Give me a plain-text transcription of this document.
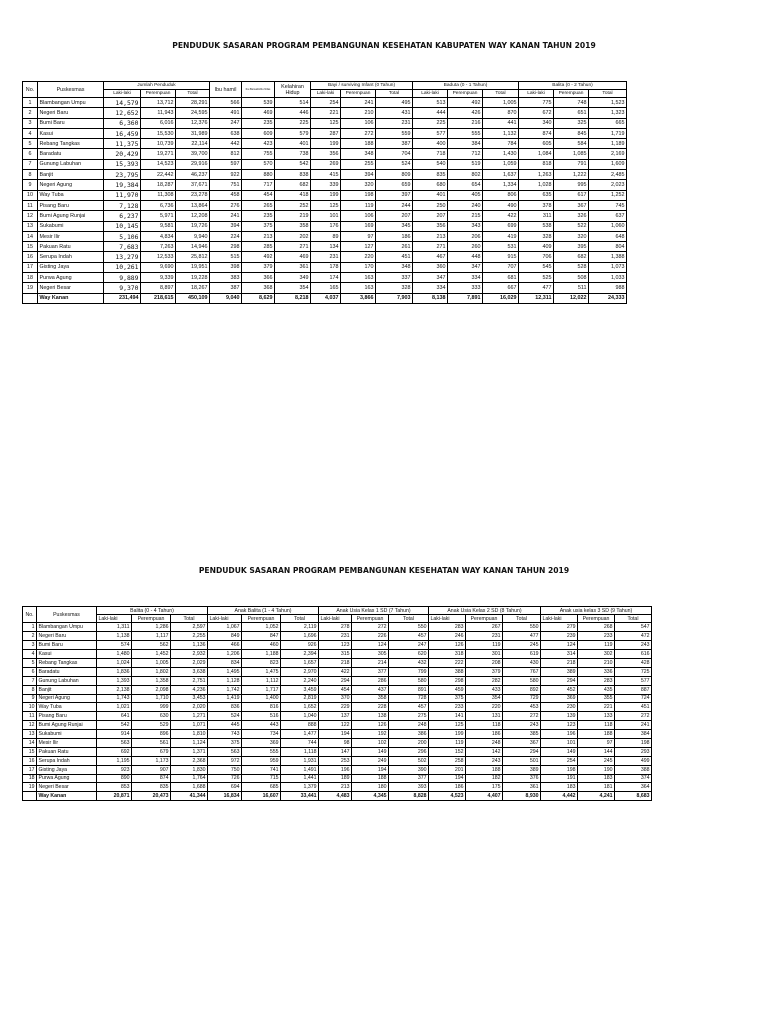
PENDUDUK SASARAN PROGRAM PEMBANGUNAN KESEHATAN KABUPATEN WAY KANAN TAHUN 2019
No.	Puskesmas	Jumlah Penduduk			Ibu hamil	Ibu Bersalin/Ibu Nifas	Kelahiran Hidup	Bayi / surviving Infant (0 Tahun)			Baduta (0 - 1 Tahun)			Balita (0 - 2 Tahun)		
		Laki-laki	Perempuan	Total				Laki-laki	Perempuan	Total	Laki-laki	Perempuan	Total	Laki-laki	Perempuan	Total
1	Blambangan Umpu	14,579	13,712	28,291	566	539	514	254	241	495	513	492	1,005	775	748	1,523
2	Negeri Baru	12,652	11,943	24,595	491	469	446	221	210	431	444	426	870	672	651	1,323
3	Bumi Baru	6,360	6,016	12,376	247	235	225	125	106	231	225	216	441	340	325	665
4	Kasui	16,459	15,530	31,989	638	609	579	287	272	559	577	555	1,132	874	845	1,719
5	Rebang Tangkas	11,375	10,739	22,114	442	423	401	199	188	387	400	384	784	605	584	1,189
6	Baradatu	20,429	19,271	39,700	812	755	738	356	348	704	718	712	1,430	1,084	1,085	2,169
7	Gunung Labuhan	15,393	14,523	29,916	597	570	542	269	255	524	540	519	1,059	818	791	1,609
8	Banjit	23,795	22,442	46,237	922	880	838	415	394	809	835	802	1,637	1,263	1,222	2,485
9	Negeri Agung	19,384	18,287	37,671	751	717	682	339	320	659	680	654	1,334	1,028	995	2,023
10	Way Tuba	11,970	11,308	23,278	458	454	418	199	198	397	401	405	806	635	617	1,252
11	Pisang Baru	7,128	6,736	13,864	276	265	252	125	119	244	250	240	490	378	367	745
12	Bumi Agung Runjai	6,237	5,971	12,208	241	235	219	101	106	207	207	215	422	311	326	637
13	Sukabumi	10,145	9,581	19,726	394	375	358	176	169	345	356	343	699	538	522	1,060
14	Mesir Ilir	5,106	4,834	9,940	224	213	202	89	97	186	213	206	419	328	320	648
15	Pakuan Ratu	7,683	7,263	14,946	298	285	271	134	127	261	271	260	531	409	395	804
16	Serupa Indah	13,279	12,533	25,812	515	492	469	231	220	451	467	448	915	706	682	1,388
17	Gisting Jaya	10,261	9,690	19,951	398	379	361	178	170	348	360	347	707	545	528	1,073
18	Purwa Agung	9,889	9,339	19,228	383	366	349	174	163	337	347	334	681	525	508	1,033
19	Negeri Besar	9,370	8,897	18,267	387	368	354	165	163	328	334	333	667	477	511	988
	Way Kanan	231,494	218,615	450,109	9,040	8,629	8,218	4,037	3,866	7,903	8,138	7,891	16,029	12,311	12,022	24,333
PENDUDUK SASARAN PROGRAM PEMBANGUNAN KESEHATAN WAY KANAN TAHUN 2019
No.	Puskesmas	Balita (0 - 4 Tahun)			Anak Balita (1 - 4 Tahun)			Anak Usia Kelas 1 SD (7 Tahun)			Anak Usia Kelas 2 SD (8 Tahun)			Anak usia kelas 3 SD (9 Tahun)		
		Laki-laki	Perempuan	Total	Laki-laki	Perempuan	Total	Laki-laki	Perempuan	Total	Laki-laki	Perempuan	Total	Laki-laki	Perempuan	Total
1	Blambangan Umpu	1,311	1,286	2,597	1,067	1,052	2,119	278	272	550	283	267	550	279	268	547
2	Negeri Baru	1,138	1,117	2,255	849	847	1,696	231	226	457	246	231	477	239	233	472
3	Bumi Baru	574	562	1,136	466	460	926	123	124	247	126	119	245	124	119	243
4	Kasui	1,480	1,452	2,932	1,206	1,188	2,394	315	305	620	318	301	619	314	302	616
5	Rebang Tangkas	1,024	1,005	2,029	834	823	1,657	218	214	432	222	208	430	218	210	428
6	Baradatu	1,836	1,802	3,638	1,495	1,475	2,970	422	377	799	388	379	767	389	336	725
7	Gunung Labuhan	1,393	1,358	2,751	1,128	1,112	2,240	294	286	580	298	282	580	294	283	577
8	Banjit	2,138	2,098	4,236	1,742	1,717	3,459	454	437	891	459	433	892	452	435	887
9	Negeri Agung	1,743	1,710	3,453	1,419	1,400	2,819	370	358	728	375	354	729	369	355	724
10	Way Tuba	1,021	999	2,020	836	816	1,652	229	228	457	233	220	453	230	221	451
11	Pisang Baru	641	630	1,271	524	516	1,040	137	138	275	141	131	272	139	133	272
12	Bumi Agung Runjai	542	529	1,071	445	443	888	122	126	248	125	118	243	123	118	241
13	Sukabumi	914	896	1,810	743	734	1,477	194	192	386	199	186	385	196	188	384
14	Mesir Ilir	563	561	1,124	375	369	744	98	102	200	119	248	367	101	97	198
15	Pakuan Ratu	692	679	1,371	563	555	1,118	147	149	296	152	142	294	149	144	293
16	Serupa Indah	1,195	1,173	2,368	972	959	1,931	253	249	502	258	243	501	254	245	499
17	Gisting Jaya	923	907	1,830	750	741	1,491	196	194	390	201	188	389	198	190	388
18	Purwa Agung	890	874	1,764	726	715	1,441	189	188	377	194	182	376	191	183	374
19	Negeri Besar	853	835	1,688	694	685	1,379	213	180	393	186	175	361	183	181	364
	Way Kanan	20,871	20,473	41,344	16,834	16,607	33,441	4,483	4,345	8,828	4,523	4,407	8,930	4,442	4,241	8,683
